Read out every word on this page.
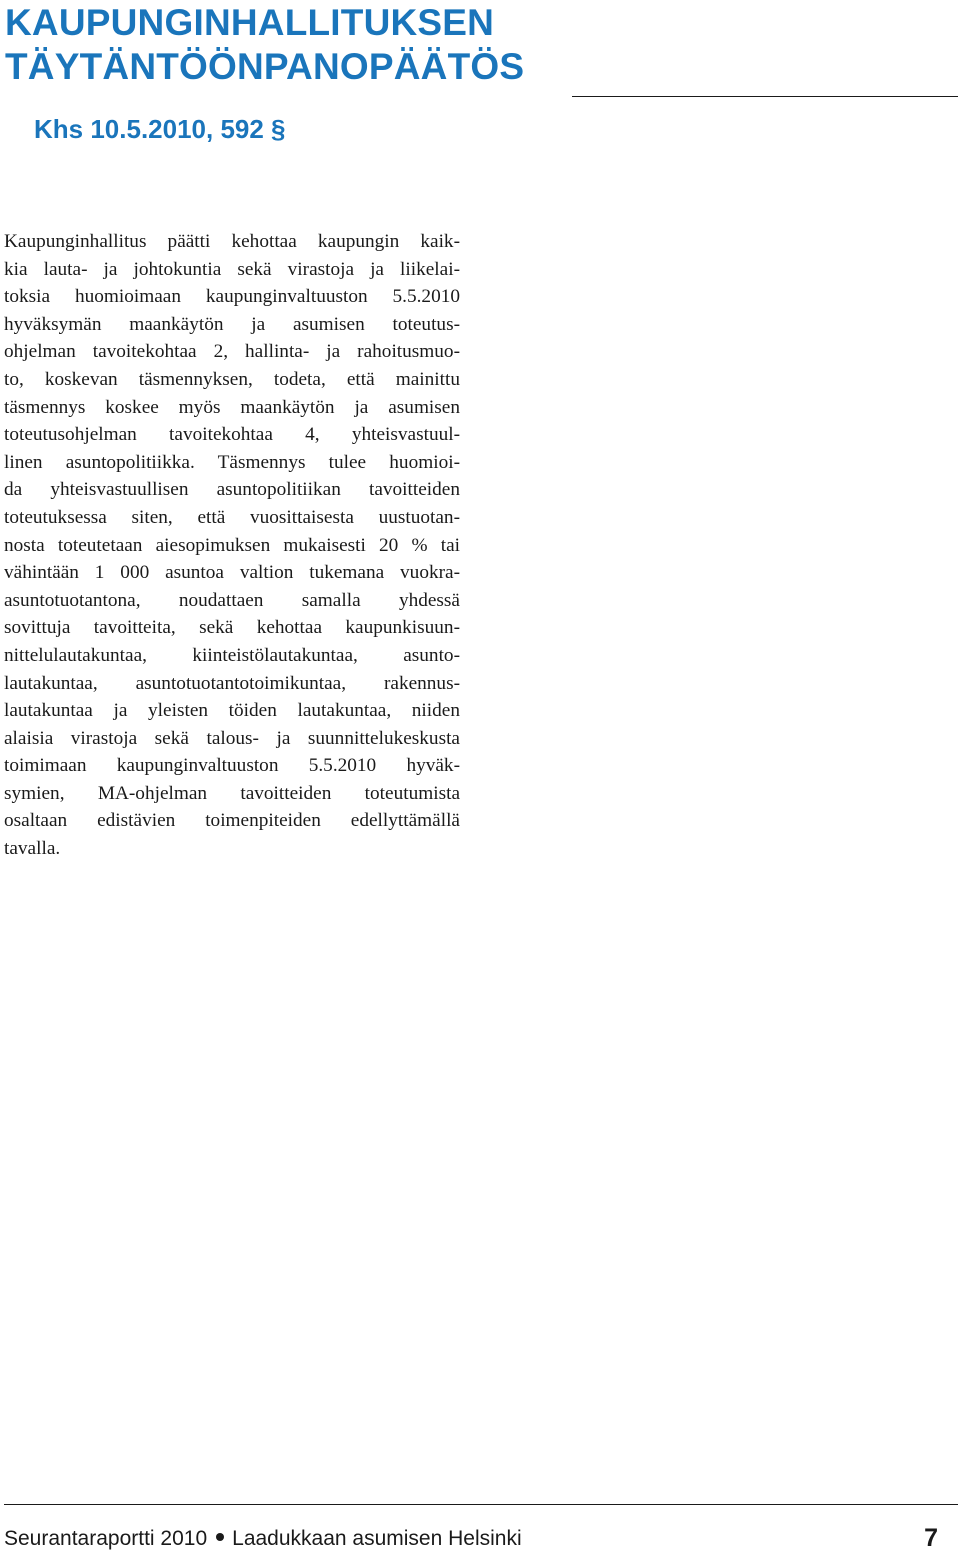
KAUPUNGINHALLITUKSEN
TÄYTÄNTÖÖNPANOPÄÄTÖS
Khs 10.5.2010, 592 §
Kaupunginhallitus päätti kehottaa kaupungin kaik-
kia lauta- ja johtokuntia sekä virastoja ja liikelai-
toksia huomioimaan kaupunginvaltuuston 5.5.2010
hyväksymän maankäytön ja asumisen toteutus-
ohjelman tavoitekohtaa 2, hallinta- ja rahoitusmuo-
to, koskevan täsmennyksen, todeta, että mainittu
täsmennys koskee myös maankäytön ja asumisen
toteutusohjelman tavoitekohtaa 4, yhteisvastuul-
linen asuntopolitiikka. Täsmennys tulee huomioi-
da yhteisvastuullisen asuntopolitiikan tavoitteiden
toteutuksessa siten, että vuosittaisesta uustuotan-
nosta toteutetaan aiesopimuksen mukaisesti 20 % tai
vähintään 1 000 asuntoa valtion tukemana vuokra-
asuntotuotantona, noudattaen samalla yhdessä
sovittuja tavoitteita, sekä kehottaa kaupunkisuun-
nittelulautakuntaa, kiinteistölautakuntaa, asunto-
lautakuntaa, asuntotuotantotoimikuntaa, rakennus-
lautakuntaa ja yleisten töiden lautakuntaa, niiden
alaisia virastoja sekä talous- ja suunnittelukeskusta
toimimaan kaupunginvaltuuston 5.5.2010 hyväk-
symien, MA-ohjelman tavoitteiden toteutumista
osaltaan edistävien toimenpiteiden edellyttämällä
tavalla.

Seurantaraportti 2010 Laadukkaan asumisen Helsinki	7
